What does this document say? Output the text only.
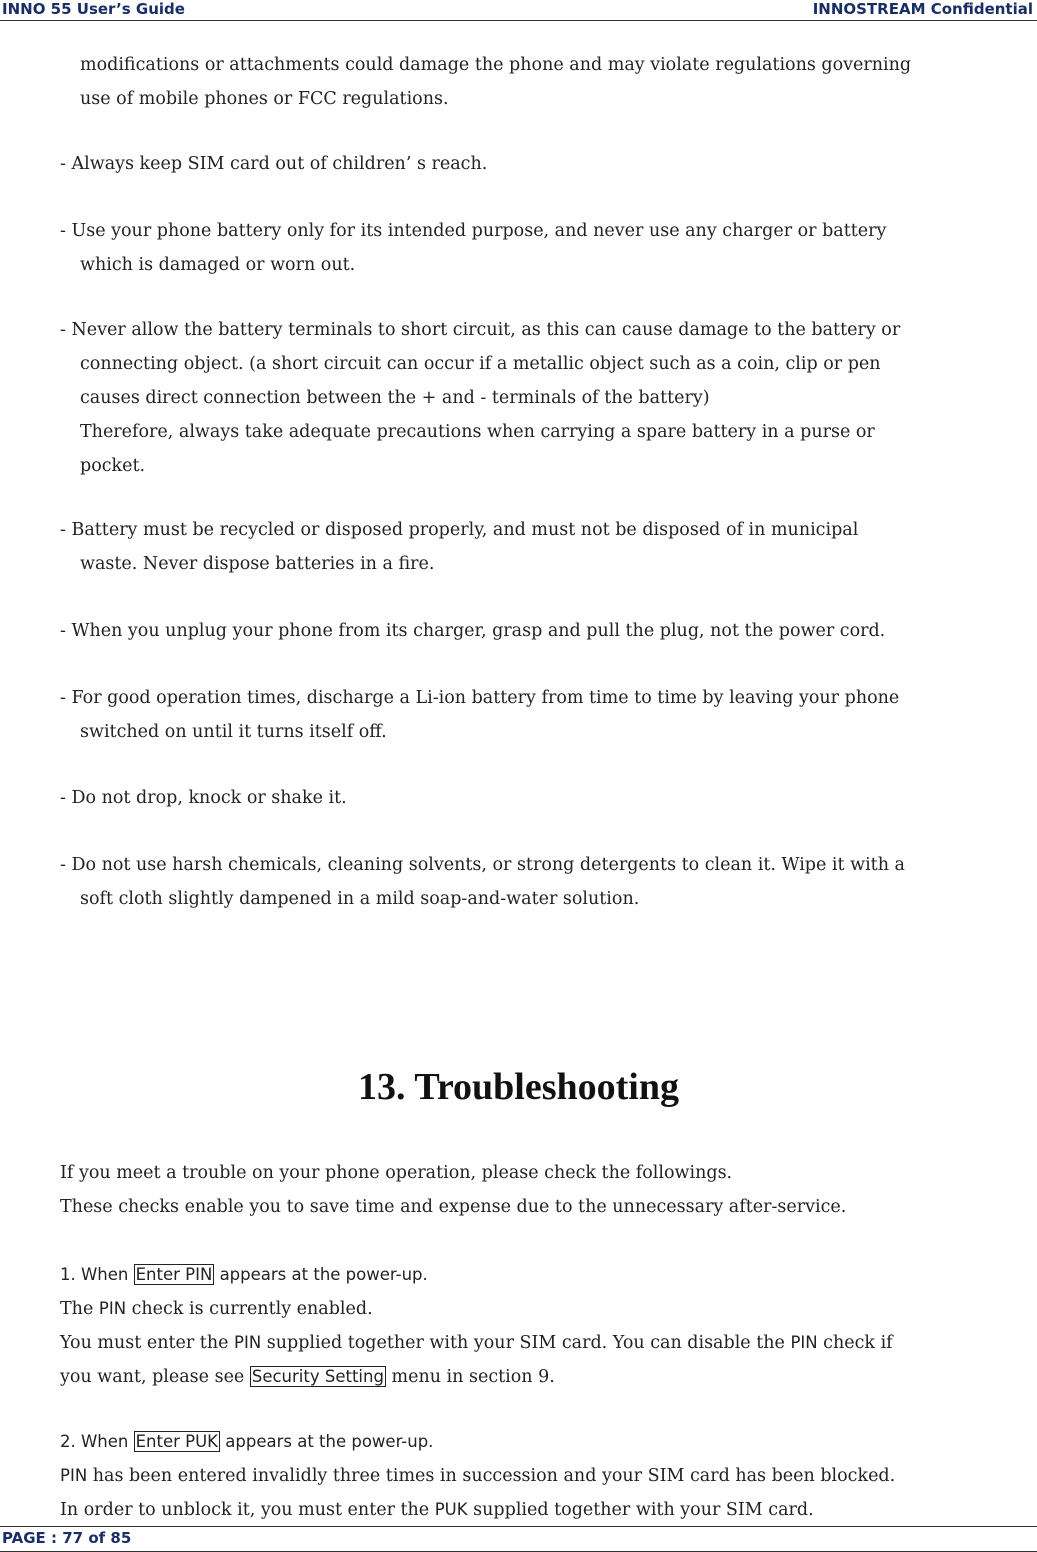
INNO 55 User’s Guide	INNOSTREAM Confidential
modifications or attachments could damage the phone and may violate regulations governing
use of mobile phones or FCC regulations.
- Always keep SIM card out of children’ s reach.
- Use your phone battery only for its intended purpose, and never use any charger or battery
which is damaged or worn out.
- Never allow the battery terminals to short circuit, as this can cause damage to the battery or
connecting object. (a short circuit can occur if a metallic object such as a coin, clip or pen
causes direct connection between the + and - terminals of the battery)
Therefore, always take adequate precautions when carrying a spare battery in a purse or
pocket.
- Battery must be recycled or disposed properly, and must not be disposed of in municipal
waste. Never dispose batteries in a fire.
- When you unplug your phone from its charger, grasp and pull the plug, not the power cord.
- For good operation times, discharge a Li-ion battery from time to time by leaving your phone
switched on until it turns itself off.
- Do not drop, knock or shake it.
- Do not use harsh chemicals, cleaning solvents, or strong detergents to clean it. Wipe it with a
soft cloth slightly dampened in a mild soap-and-water solution.
13. Troubleshooting
If you meet a trouble on your phone operation, please check the followings.
These checks enable you to save time and expense due to the unnecessary after-service.
1. When Enter PIN appears at the power-up.
The PIN check is currently enabled.
You must enter the PIN supplied together with your SIM card. You can disable the PIN check if
you want, please see Security Setting menu in section 9.
2. When Enter PUK appears at the power-up.
PIN has been entered invalidly three times in succession and your SIM card has been blocked.
In order to unblock it, you must enter the PUK supplied together with your SIM card.
PAGE : 77 of 85
